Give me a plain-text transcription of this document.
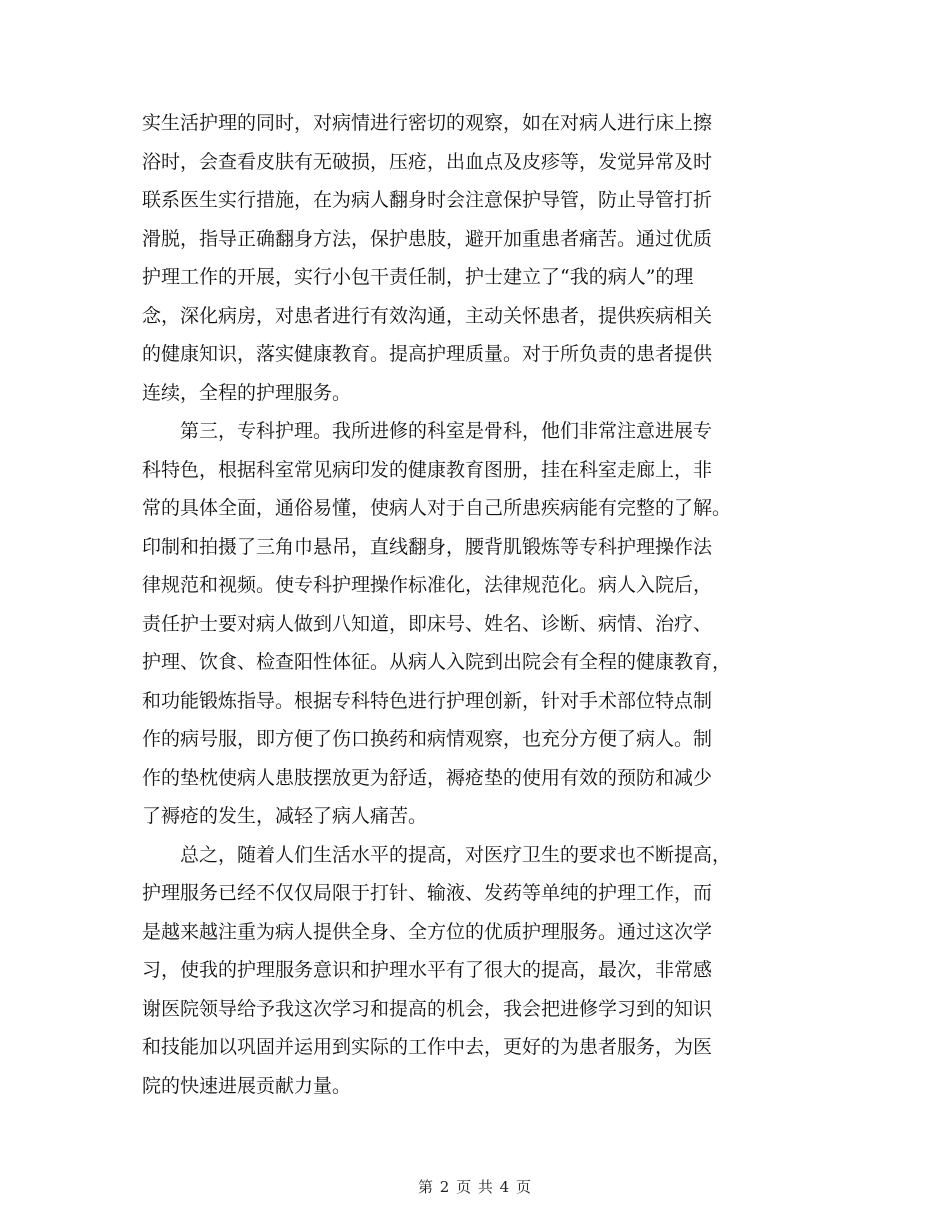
实生活护理的同时，对病情进行密切的观察，如在对病人进行床上擦
浴时，会查看皮肤有无破损，压疮，出血点及皮疹等，发觉异常及时
联系医生实行措施，在为病人翻身时会注意保护导管，防止导管打折
滑脱，指导正确翻身方法，保护患肢，避开加重患者痛苦。通过优质
护理工作的开展，实行小包干责任制，护士建立了“我的病人”的理
念，深化病房，对患者进行有效沟通，主动关怀患者，提供疾病相关
的健康知识，落实健康教育。提高护理质量。对于所负责的患者提供
连续，全程的护理服务。
　　第三，专科护理。我所进修的科室是骨科，他们非常注意进展专
科特色，根据科室常见病印发的健康教育图册，挂在科室走廊上，非
常的具体全面，通俗易懂，使病人对于自己所患疾病能有完整的了解。
印制和拍摄了三角巾悬吊，直线翻身，腰背肌锻炼等专科护理操作法
律规范和视频。使专科护理操作标准化，法律规范化。病人入院后，
责任护士要对病人做到八知道，即床号、姓名、诊断、病情、治疗、
护理、饮食、检查阳性体征。从病人入院到出院会有全程的健康教育，
和功能锻炼指导。根据专科特色进行护理创新，针对手术部位特点制
作的病号服，即方便了伤口换药和病情观察，也充分方便了病人。制
作的垫枕使病人患肢摆放更为舒适，褥疮垫的使用有效的预防和减少
了褥疮的发生，减轻了病人痛苦。
　　总之，随着人们生活水平的提高，对医疗卫生的要求也不断提高，
护理服务已经不仅仅局限于打针、输液、发药等单纯的护理工作，而
是越来越注重为病人提供全身、全方位的优质护理服务。通过这次学
习，使我的护理服务意识和护理水平有了很大的提高，最次，非常感
谢医院领导给予我这次学习和提高的机会，我会把进修学习到的知识
和技能加以巩固并运用到实际的工作中去，更好的为患者服务，为医
院的快速进展贡献力量。
第 2 页 共 4 页
